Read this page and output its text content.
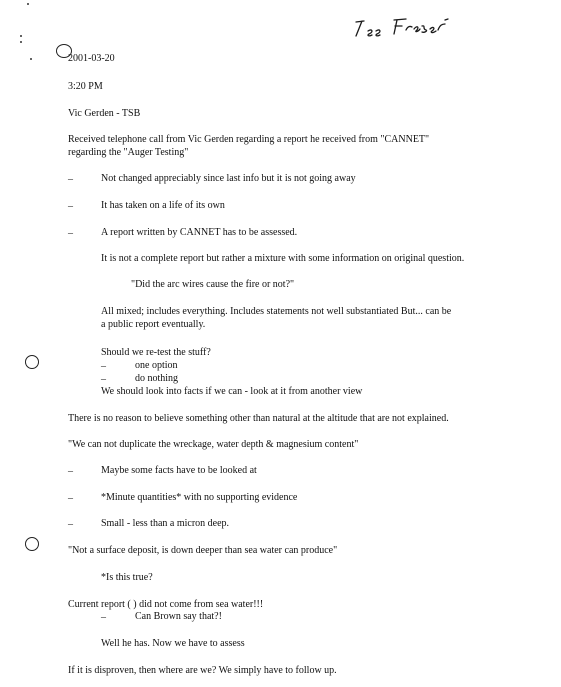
2001-03-20
3:20 PM
Vic Gerden - TSB
Received telephone call from Vic Gerden regarding a report he received from "CANNET"
regarding the "Auger Testing"
–	Not changed appreciably since last info but it is not going away
–	It has taken on a life of its own
–	A report written by CANNET has to be assessed.
It is not a complete report but rather a mixture with some information on original question.
"Did the arc wires cause the fire or not?"
All mixed; includes everything. Includes statements not well substantiated But... can be
a public report eventually.
Should we re-test the stuff?
–	one option
–	do nothing
We should look into facts if we can - look at it from another view
There is no reason to believe something other than natural at the altitude that are not explained.
"We can not duplicate the wreckage, water depth & magnesium content"
–	Maybe some facts have to be looked at
–	*Minute quantities* with no supporting evidence
–	Small - less than a micron deep.
"Not a surface deposit, is down deeper than sea water can produce"
*Is this true?
Current report ( ) did not come from sea water!!!
–	Can Brown say that?!
Well he has. Now we have to assess
If it is disproven, then where are we? We simply have to follow up.
